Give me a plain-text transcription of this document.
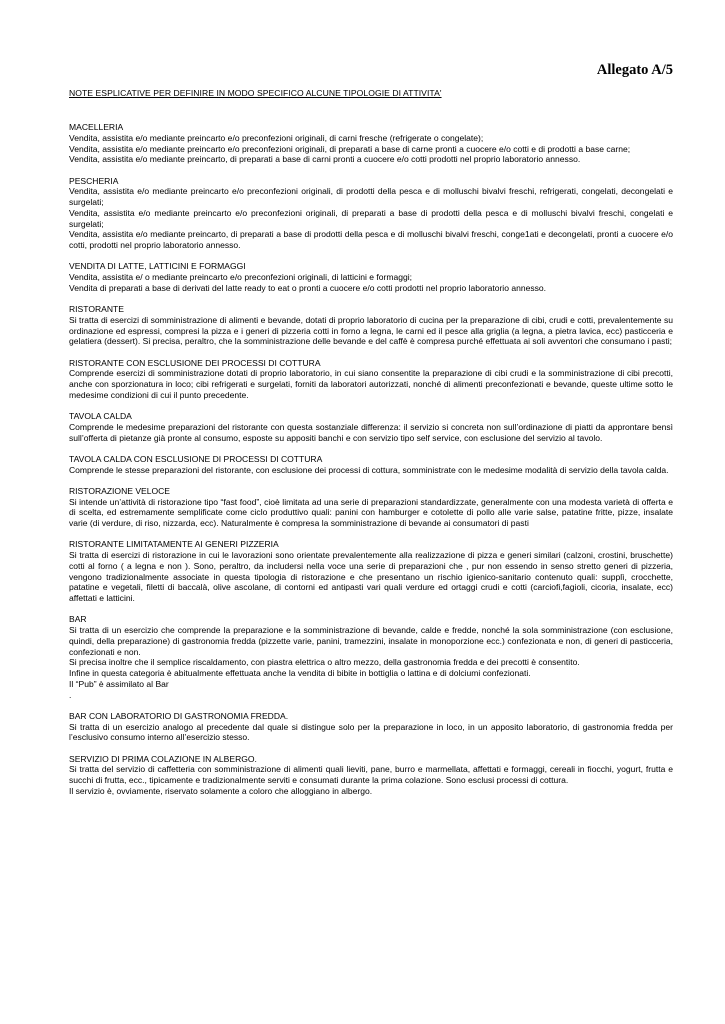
Allegato A/5
NOTE ESPLICATIVE PER DEFINIRE IN MODO SPECIFICO ALCUNE TIPOLOGIE DI ATTIVITA'
MACELLERIA

Vendita, assistita e/o mediante preincarto e/o preconfezioni originali, di carni fresche (refrigerate o congelate);

Vendita, assistita e/o mediante preincarto e/o preconfezioni originali, di preparati a base di carne pronti a cuocere e/o cotti e di prodotti a base carne;

Vendita, assistita e/o mediante preincarto, di preparati a base di carni pronti a cuocere e/o cotti prodotti nel proprio laboratorio annesso.

PESCHERIA

Vendita, assistita e/o mediante preincarto e/o preconfezioni originali, di prodotti della pesca e di molluschi bivalvi freschi, refrigerati, congelati, decongelati e surgelati;

Vendita, assistita e/o mediante preincarto e/o preconfezioni originali, di preparati a base di prodotti della pesca e di molluschi bivalvi freschi, congelati e surgelati;

Vendita, assistita e/o mediante preincarto, di preparati a base di prodotti della pesca e di molluschi bivalvi freschi, conge1ati e decongelati, pronti a cuocere e/o cotti, prodotti nel proprio laboratorio annesso.

VENDITA DI LATTE, LATTICINI E FORMAGGI

Vendita, assistita e/ o mediante preincarto e/o preconfezioni originali, di latticini e formaggi;

Vendita di preparati a base di derivati del latte ready to eat o pronti a cuocere e/o cotti prodotti nel proprio laboratorio annesso.

RISTORANTE

Si tratta di esercizi di somministrazione di alimenti e bevande, dotati di proprio laboratorio di cucina per la preparazione di cibi, crudi e cotti, prevalentemente su ordinazione ed espressi, compresi la pizza e i generi di pizzeria cotti in forno a legna, le carni ed il pesce alla griglia (a legna, a pietra lavica, ecc) pasticceria e gelatiera (dessert). Si precisa, peraltro, che la somministrazione delle bevande e del caffè è compresa purché effettuata ai soli avventori che consumano i pasti;

RISTORANTE CON ESCLUSIONE DEI PROCESSI DI COTTURA

Comprende esercizi di somministrazione dotati di proprio laboratorio, in cui siano consentite la preparazione di cibi crudi e la somministrazione di cibi precotti, anche con sporzionatura in loco; cibi refrigerati e surgelati, forniti da laboratori autorizzati, nonché di alimenti preconfezionati e bevande, queste ultime sotto le medesime condizioni di cui il punto precedente.

TAVOLA CALDA

Comprende le medesime preparazioni del ristorante con questa sostanziale differenza: il servizio si concreta non sull’ordinazione di piatti da approntare bensì sull’offerta di pietanze già pronte al consumo, esposte su appositi banchi e con servizio tipo self service, con esclusione del servizio al tavolo.

TAVOLA CALDA CON ESCLUSIONE DI PROCESSI DI COTTURA

Comprende le stesse preparazioni del ristorante, con esclusione dei processi di cottura, somministrate con le medesime modalità di servizio della tavola calda.

RISTORAZIONE VELOCE

Si intende un’attività di ristorazione tipo “fast food”, cioè limitata ad una serie di preparazioni standardizzate, generalmente con una modesta varietà di offerta e di scelta, ed estremamente semplificate come ciclo produttivo quali: panini con hamburger e cotolette di pollo alle varie salse, patatine fritte, pizze, insalate varie (di verdure, di riso, nizzarda, ecc). Naturalmente è compresa la somministrazione di bevande ai consumatori di pasti

RISTORANTE LIMITATAMENTE AI GENERI PIZZERIA

Si tratta di esercizi di ristorazione in cui le lavorazioni sono orientate prevalentemente alla realizzazione di pizza e generi similari (calzoni, crostini, bruschette) cotti al forno ( a legna e non ). Sono, peraltro, da includersi nella voce una serie di preparazioni che , pur non essendo in senso stretto generi di pizzeria, vengono tradizionalmente associate in questa tipologia di ristorazione e che presentano un rischio igienico-sanitario contenuto quali: supplì, crocchette, patatine e vegetali, filetti di baccalà, olive ascolane, di contorni ed antipasti vari quali verdure ed ortaggi crudi e cotti (carciofi,fagioli, cicoria, insalate, ecc) affettati e latticini.

BAR

Si tratta di un esercizio che comprende la preparazione e la somministrazione di bevande, calde e fredde, nonché la sola somministrazione (con esclusione, quindi, della preparazione) di gastronomia fredda (pizzette varie, panini, tramezzini, insalate in monoporzione ecc.) confezionata e non, di generi di pasticceria, confezionati e non.

Si precisa inoltre che il semplice riscaldamento, con piastra elettrica o altro mezzo, della gastronomia fredda e dei precotti è consentito.

Infine in questa categoria è abitualmente effettuata anche la vendita di bibite in bottiglia o lattina e di dolciumi confezionati.

Il “Pub” è assimilato al Bar

.

BAR CON LABORATORIO DI GASTRONOMIA FREDDA.

Si tratta di un esercizio analogo al precedente dal quale si distingue solo per la preparazione in loco, in un apposito laboratorio, di gastronomia fredda per l’esclusivo consumo interno all’esercizio stesso.

SERVIZIO DI PRIMA COLAZIONE IN ALBERGO.

Si tratta del servizio di caffetteria con somministrazione di alimenti quali lieviti, pane, burro e marmellata, affettati e formaggi, cereali in fiocchi, yogurt, frutta e succhi di frutta, ecc., tipicamente e tradizionalmente serviti e consumati durante la prima colazione. Sono esclusi processi di cottura.

Il servizio è, ovviamente, riservato solamente a coloro che alloggiano in albergo.
